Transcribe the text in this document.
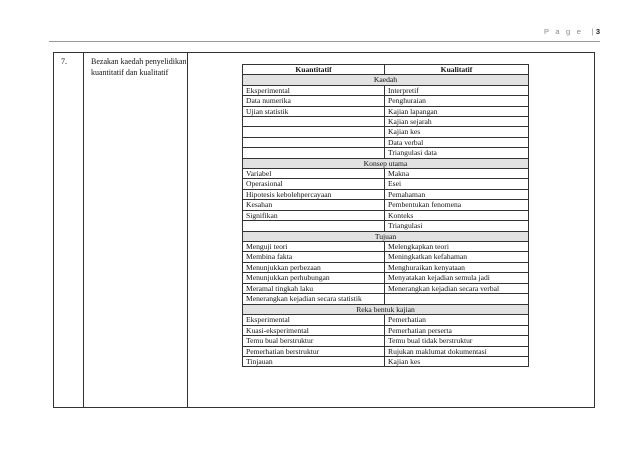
P a g e  |3
7.	Bezakan kaedah penyelidikan kuantitatif dan kualitatif	Kuantitatif	Kualitatif
Kaedah	
Eksperimental	Interpretif
Data numerika	Penghuraian
Ujian statistik	Kajian lapangan
	Kajian sejarah
	Kajian kes
	Data verbal
	Triangulasi data
Konsep utama	
Variabel	Makna
Operasional	Esei
Hipotesis kebolehpercayaan	Pemahaman
Kesahan	Pembentukan fenomena
Signifikan	Konteks
	Triangulasi
Tujuan	
Menguji teori	Melengkapkan teori
Membina fakta	Meningkatkan kefahaman
Menunjukkan perbezaan	Menghuraikan kenyataan
Menunjukkan perhubungan	Menyatakan kejadian semula jadi
Meramal tingkah laku	Menerangkan kejadian secara verbal
Menerangkan kejadian secara statistik	
Reka bentuk kajian	
Eksperimental	Pemerhatian
Kuasi-eksperimental	Pemerhatian perserta
Temu bual berstruktur	Temu bual tidak berstruktur
Pemerhatian berstruktur	Rujukan maklumat dokumentasi
Tinjauan	Kajian kes
